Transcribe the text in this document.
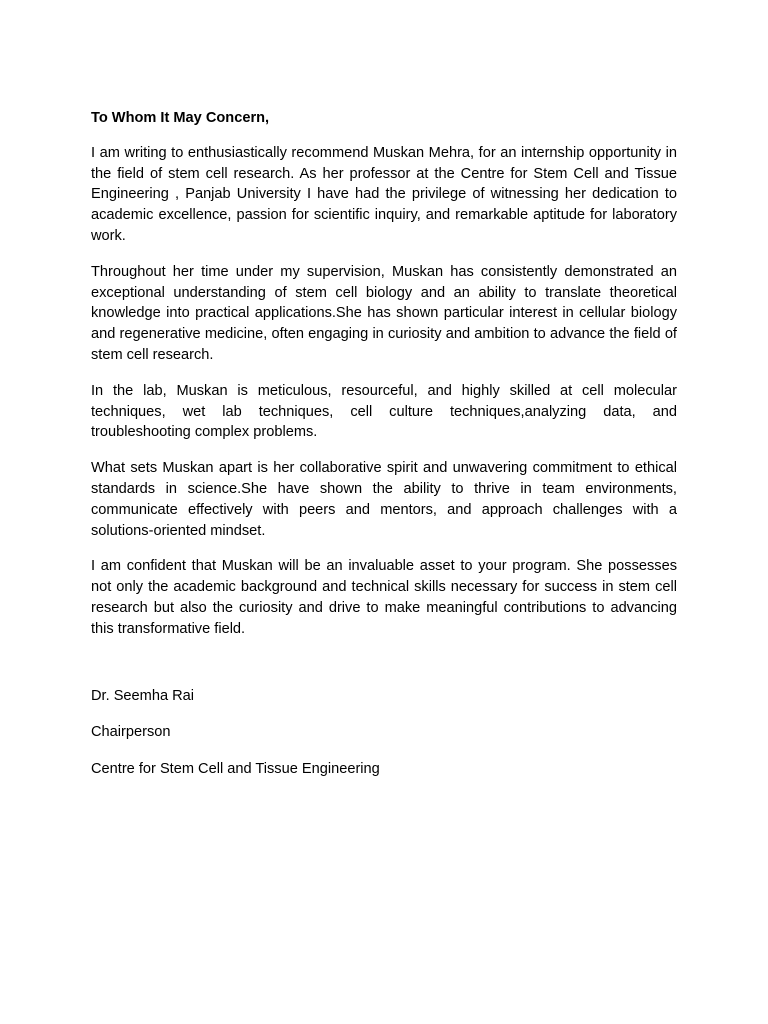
To Whom It May Concern,

I am writing to enthusiastically recommend Muskan Mehra, for an internship opportunity in the field of stem cell research. As her professor at the Centre for Stem Cell and Tissue Engineering , Panjab University I have had the privilege of witnessing her dedication to academic excellence, passion for scientific inquiry, and remarkable aptitude for laboratory work.

Throughout her time under my supervision, Muskan has consistently demonstrated an exceptional understanding of stem cell biology and an ability to translate theoretical knowledge into practical applications.She has shown particular interest in cellular biology and regenerative medicine, often engaging in curiosity and ambition to advance the field of stem cell research.

In the lab, Muskan is meticulous, resourceful, and highly skilled at cell molecular techniques, wet lab techniques, cell culture techniques,analyzing data, and troubleshooting complex problems.

What sets Muskan apart is her collaborative spirit and unwavering commitment to ethical standards in science.She have shown the ability to thrive in team environments, communicate effectively with peers and mentors, and approach challenges with a solutions-oriented mindset.

I am confident that Muskan will be an invaluable asset to your program. She possesses not only the academic background and technical skills necessary for success in stem cell research but also the curiosity and drive to make meaningful contributions to advancing this transformative field.

Dr. Seemha Rai

Chairperson

Centre for Stem Cell and Tissue Engineering
